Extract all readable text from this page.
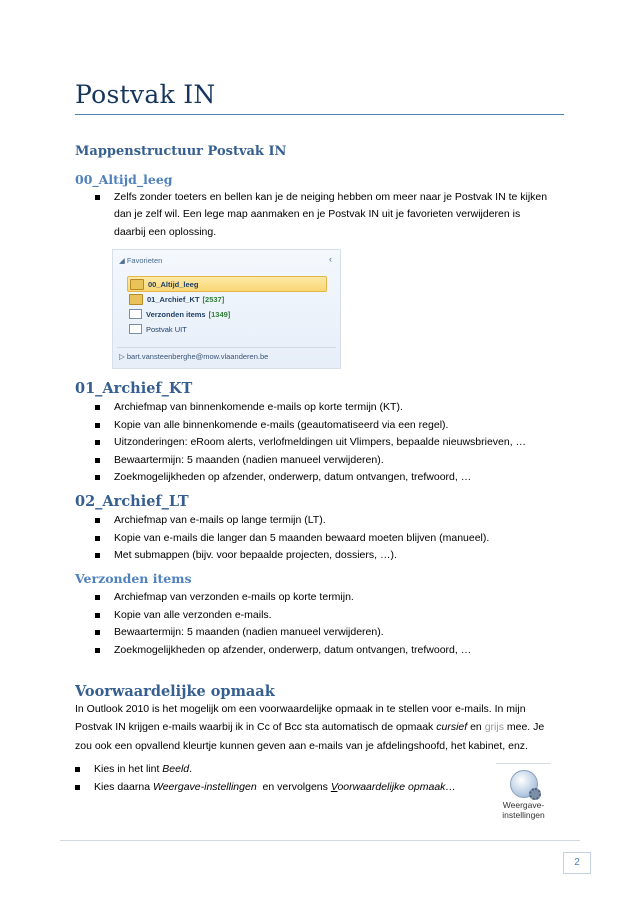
Postvak IN
Mappenstructuur Postvak IN
00_Altijd_leeg
Zelfs zonder toeters en bellen kan je de neiging hebben om meer naar je Postvak IN te kijken
dan je zelf wil. Een lege map aanmaken en je Postvak IN uit je favorieten verwijderen is
daarbij een oplossing.
◢ Favorieten	‹
00_Altijd_leeg
01_Archief_KT [2537]
Verzonden items [1349]
Postvak UIT
▷ bart.vansteenberghe@mow.vlaanderen.be
01_Archief_KT
Archiefmap van binnenkomende e-mails op korte termijn (KT).
Kopie van alle binnenkomende e-mails (geautomatiseerd via een regel).
Uitzonderingen: eRoom alerts, verlofmeldingen uit Vlimpers, bepaalde nieuwsbrieven, …
Bewaartermijn: 5 maanden (nadien manueel verwijderen).
Zoekmogelijkheden op afzender, onderwerp, datum ontvangen, trefwoord, …
02_Archief_LT
Archiefmap van e-mails op lange termijn (LT).
Kopie van e-mails die langer dan 5 maanden bewaard moeten blijven (manueel).
Met submappen (bijv. voor bepaalde projecten, dossiers, …).
Verzonden items
Archiefmap van verzonden e-mails op korte termijn.
Kopie van alle verzonden e-mails.
Bewaartermijn: 5 maanden (nadien manueel verwijderen).
Zoekmogelijkheden op afzender, onderwerp, datum ontvangen, trefwoord, …
Voorwaardelijke opmaak

In Outlook 2010 is het mogelijk om een voorwaardelijke opmaak in te stellen voor e-mails. In mijn
Postvak IN krijgen e-mails waarbij ik in Cc of Bcc sta automatisch de opmaak cursief en grijs mee. Je
zou ook een opvallend kleurtje kunnen geven aan e-mails van je afdelingshoofd, het kabinet, enz.

Kies in het lint Beeld.
Kies daarna Weergave-instellingen  en vervolgens Voorwaardelijke opmaak…
Weergave-
instellingen
2
